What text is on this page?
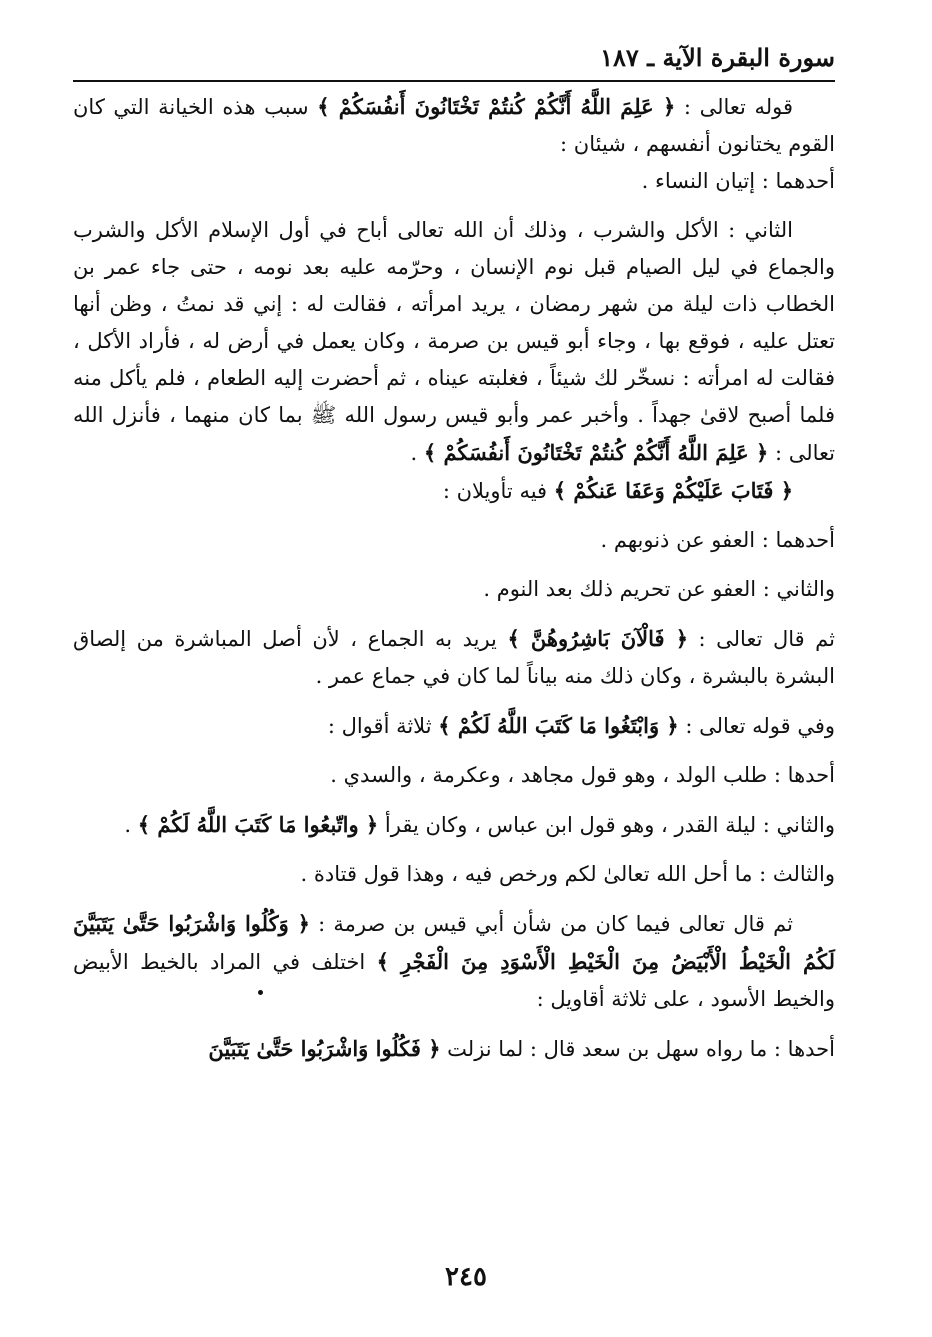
سورة البقرة الآية ـ ١٨٧

قوله تعالى : ﴿ عَلِمَ اللَّهُ أَنَّكُمْ كُنتُمْ تَخْتَانُونَ أَنفُسَكُمْ ﴾ سبب هذه الخيانة التي كان القوم يختانون أنفسهم ، شيئان :

أحدهما : إتيان النساء .

الثاني : الأكل والشرب ، وذلك أن الله تعالى أباح في أول الإسلام الأكل والشرب والجماع في ليل الصيام قبل نوم الإنسان ، وحرّمه عليه بعد نومه ، حتى جاء عمر بن الخطاب ذات ليلة من شهر رمضان ، يريد امرأته ، فقالت له : إني قد نمتُ ، وظن أنها تعتل عليه ، فوقع بها ، وجاء أبو قيس بن صرمة ، وكان يعمل في أرض له ، فأراد الأكل ، فقالت له امرأته : نسخّر لك شيئاً ، فغلبته عيناه ، ثم أحضرت إليه الطعام ، فلم يأكل منه فلما أصبح لاقىٰ جهداً . وأخبر عمر وأبو قيس رسول الله ﷺ بما كان منهما ، فأنزل الله تعالى : ﴿ عَلِمَ اللَّهُ أَنَّكُمْ كُنتُمْ تَخْتَانُونَ أَنفُسَكُمْ ﴾ .

﴿ فَتَابَ عَلَيْكُمْ وَعَفَا عَنكُمْ ﴾ فيه تأويلان :

أحدهما : العفو عن ذنوبهم .

والثاني : العفو عن تحريم ذلك بعد النوم .

ثم قال تعالى : ﴿ فَالْآنَ بَاشِرُوهُنَّ ﴾ يريد به الجماع ، لأن أصل المباشرة من إلصاق البشرة بالبشرة ، وكان ذلك منه بياناً لما كان في جماع عمر .

وفي قوله تعالى : ﴿ وَابْتَغُوا مَا كَتَبَ اللَّهُ لَكُمْ ﴾ ثلاثة أقوال :

أحدها : طلب الولد ، وهو قول مجاهد ، وعكرمة ، والسدي .

والثاني : ليلة القدر ، وهو قول ابن عباس ، وكان يقرأ ﴿ واتّبعُوا مَا كَتَبَ اللَّهُ لَكُمْ ﴾ .

والثالث : ما أحل الله تعالىٰ لكم ورخص فيه ، وهذا قول قتادة .

ثم قال تعالى فيما كان من شأن أبي قيس بن صرمة : ﴿ وَكُلُوا وَاشْرَبُوا حَتَّىٰ يَتَبَيَّنَ لَكُمُ الْخَيْطُ الْأَبْيَضُ مِنَ الْخَيْطِ الْأَسْوَدِ مِنَ الْفَجْرِ ﴾ اختلف في المراد بالخيط الأبيض والخيط الأسود ، على ثلاثة أقاويل :

أحدها : ما رواه سهل بن سعد قال : لما نزلت ﴿ فَكُلُوا وَاشْرَبُوا حَتَّىٰ يَتَبَيَّنَ

٢٤٥
